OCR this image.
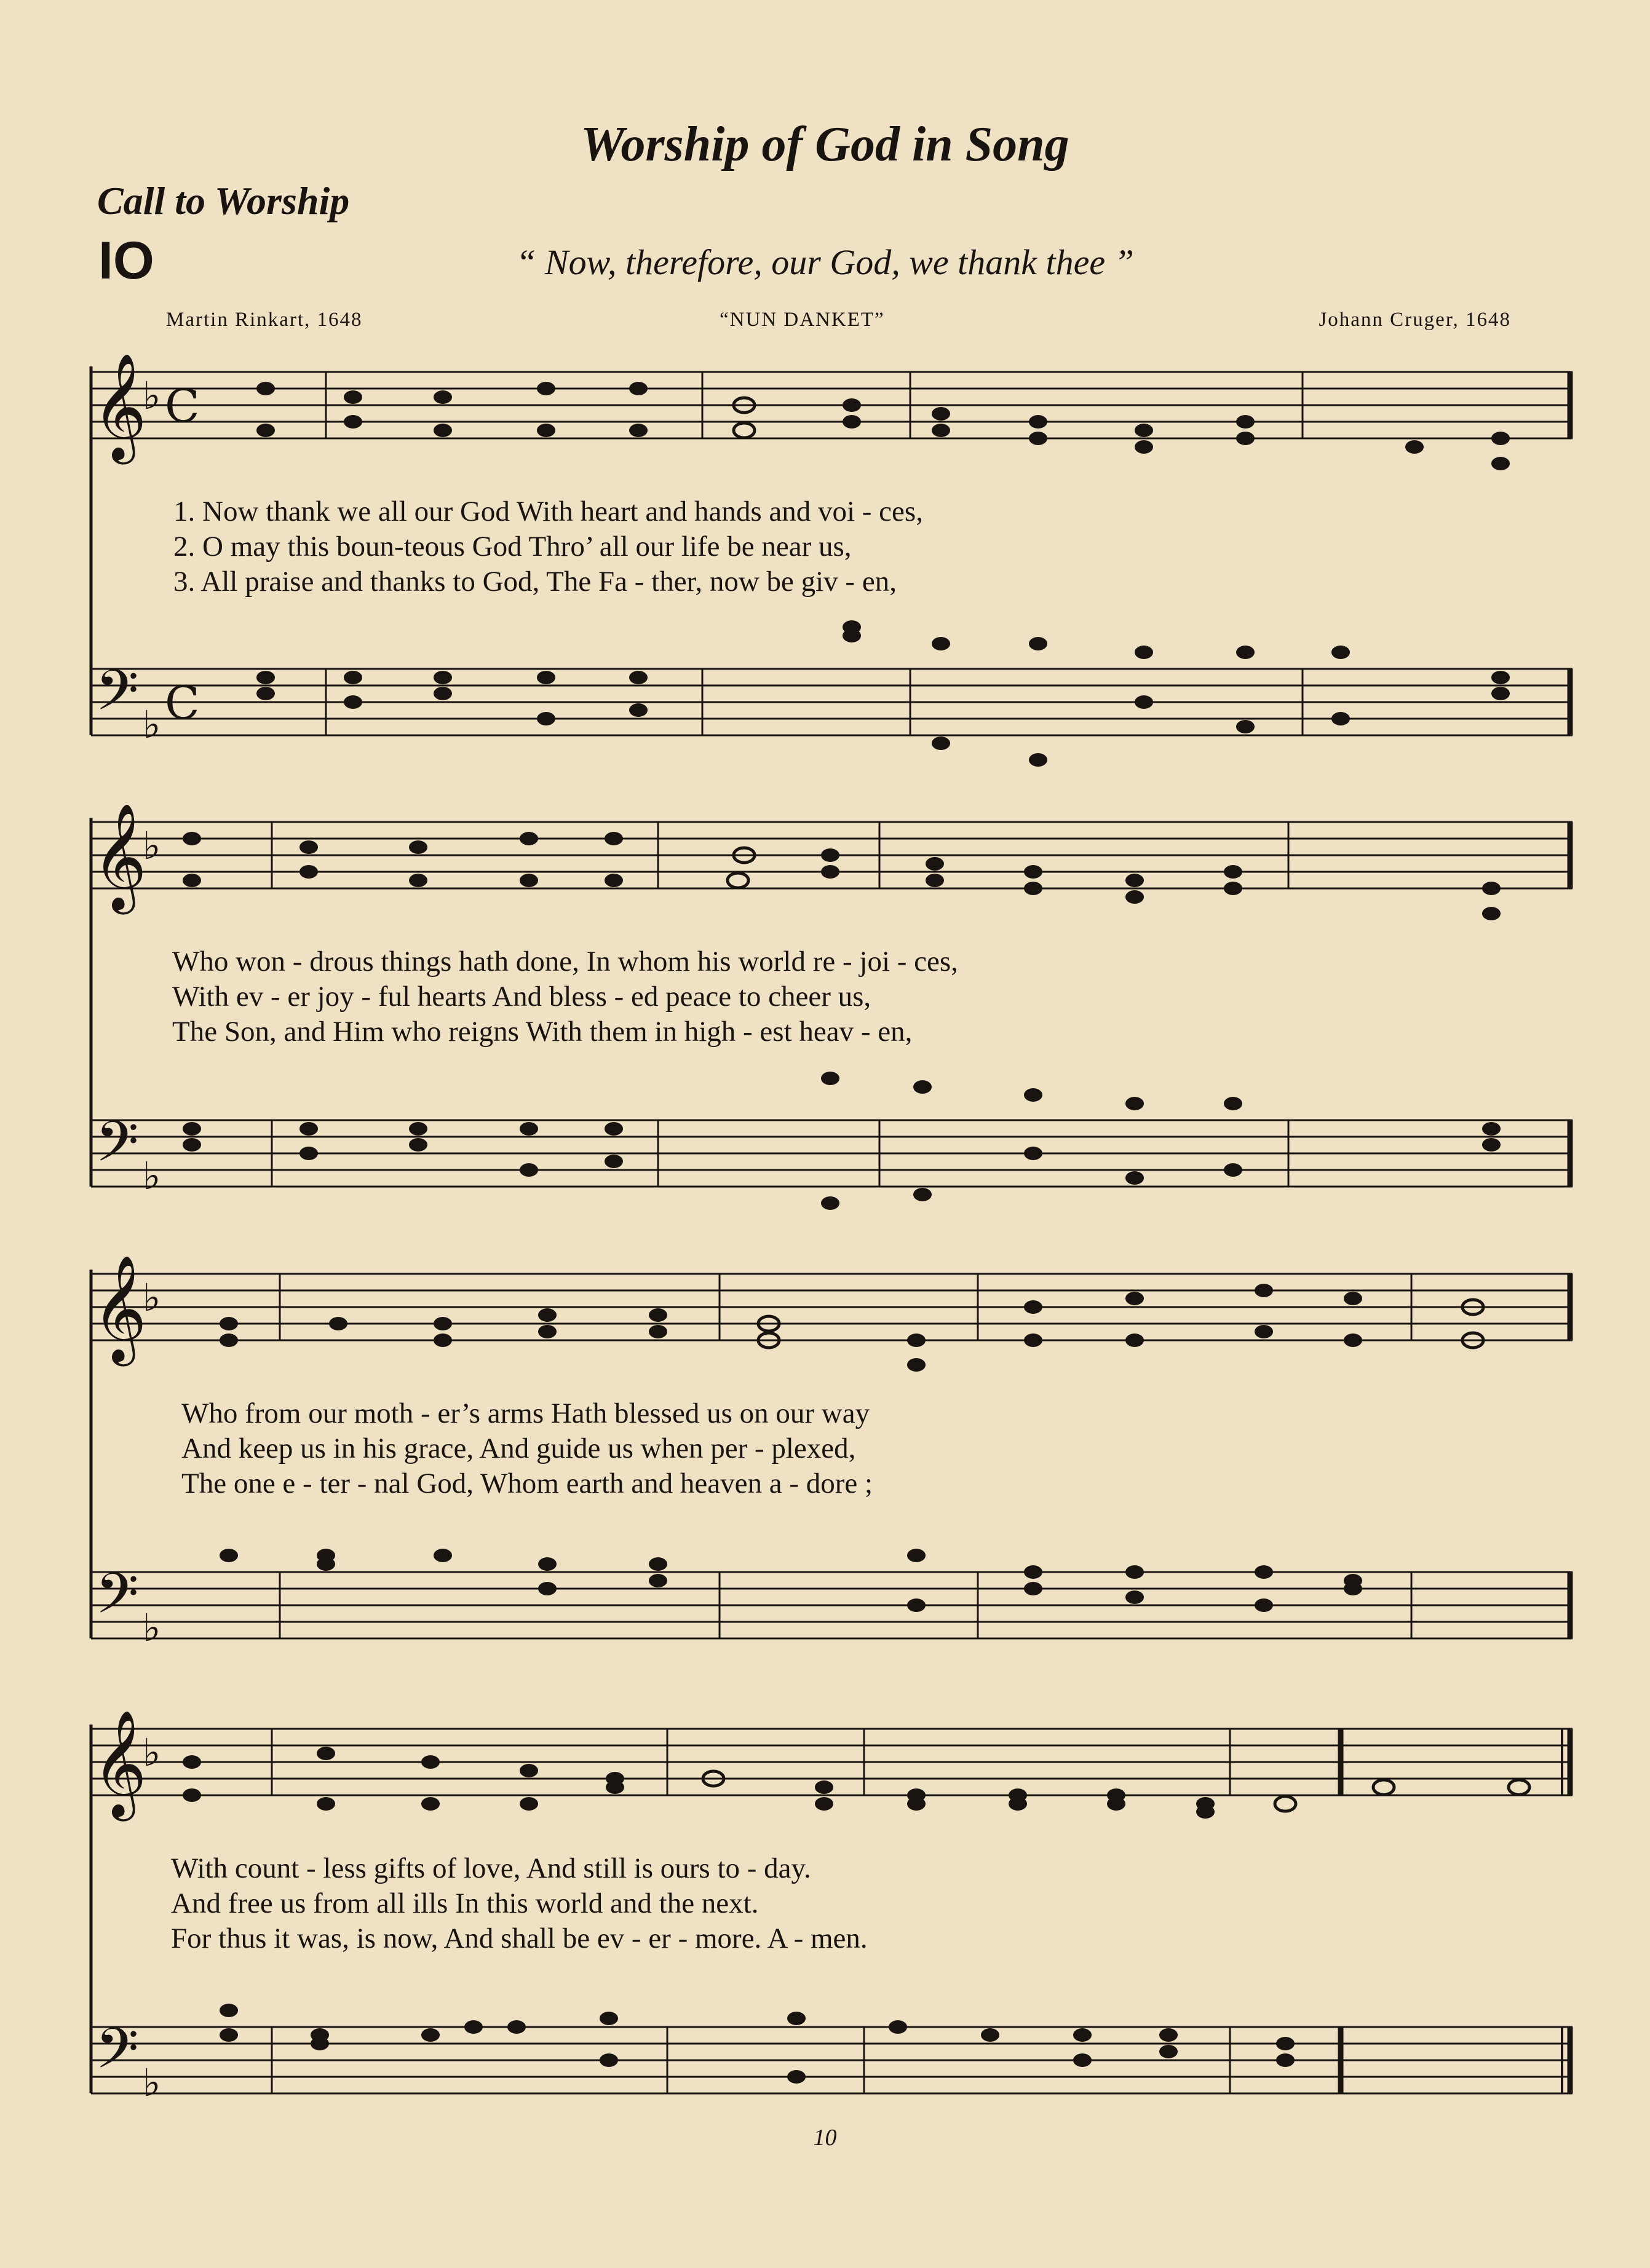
Worship of God in Song
Call to Worship
IO	“ Now, therefore, our God, we thank thee ”
Martin Rinkart, 1648	“NUN DANKET”	Johann Cruger, 1648
𝄞
𝄞
𝄞
𝄞
𝄢
𝄢
𝄢
𝄢
♭
♭
♭
♭
♭
♭
♭
♭
C
C
1. Now thank we all our God With heart and hands and voi - ces,
2. O may this boun-teous God Thro’ all our life be near us,
3. All praise and thanks to God, The Fa - ther, now be giv - en,
Who won - drous things hath done, In whom his world re - joi - ces,
With ev - er joy - ful hearts And bless - ed peace to cheer us,
The Son, and Him who reigns With them in high - est heav - en,
Who from our moth - er’s arms Hath blessed us on our way
And keep us in his grace, And guide us when per - plexed,
The one e - ter - nal God, Whom earth and heaven a - dore ;
With count - less gifts of love, And still is ours to - day.
And free us from all ills In this world and the next.
For thus it was, is now, And shall be ev - er - more. A - men.
10
